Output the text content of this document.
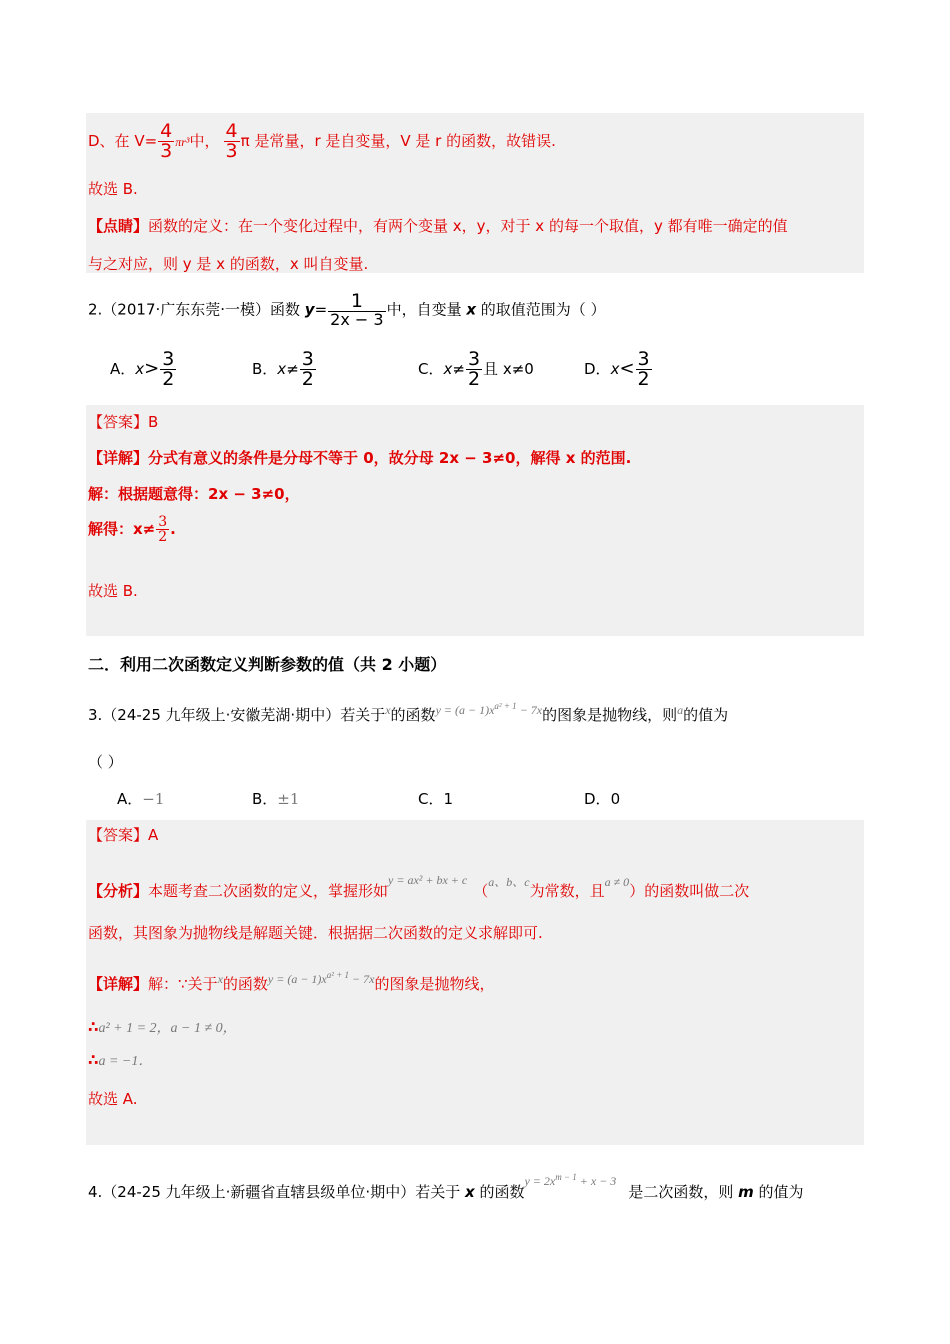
D、在 $V= \frac{4}{3} \pi r^3$中， $\frac{4}{3}$ π 是常量，r 是自变量，V 是 r 的函数，故错误.
故选 B.
【点睛】函数的定义：在一个变化过程中，有两个变量 x，y，对于 x 的每一个取值，y 都有唯一确定的值
与之对应，则 y 是 x 的函数，x 叫自变量.
2.（2017·广东东莞·一模）函数 $y= \frac{1}{2x - 3}$ 中，自变量 x 的取值范围为（ ）
A．$x> \frac{3}{2}$	B．$x\ne \frac{3}{2}$	C．$x\ne \frac{3}{2}$ 且 x≠0	D．$x< \frac{3}{2}$
【答案】B
【详解】分式有意义的条件是分母不等于 0，故分母 2x − 3≠0，解得 x 的范围.
解：根据题意得：2x − 3≠0，
解得：$x\ne \frac{3}{2}$ .
故选 B.
二．利用二次函数定义判断参数的值（共 2 小题）
3.（24-25 九年级上·安徽芜湖·期中）若关于$^x$的函数$^{y = (a - 1)x^{a^2 + 1} - 7x}$的图象是抛物线，则$^a$的值为
（ ）
A．−1	B．±1	C．1	D．0
【答案】A
【分析】本题考查二次函数的定义，掌握形如$^{y = ax^2 + bx + c}$（$^{a、b、c}$为常数，且$^{a \ne 0}$）的函数叫做二次
函数，其图象为抛物线是解题关键．根据据二次函数的定义求解即可.
【详解】解：∵关于$^x$的函数$^{y = (a - 1)x^{a^2 + 1} - 7x}$的图象是抛物线，
∴a² + 1 = 2，a − 1 ≠ 0，
∴a = −1．
故选 A.
4.（24-25 九年级上·新疆省直辖县级单位·期中）若关于 x 的函数$^{y = 2x^{m - 1} + x - 3}$是二次函数，则 m 的值为
